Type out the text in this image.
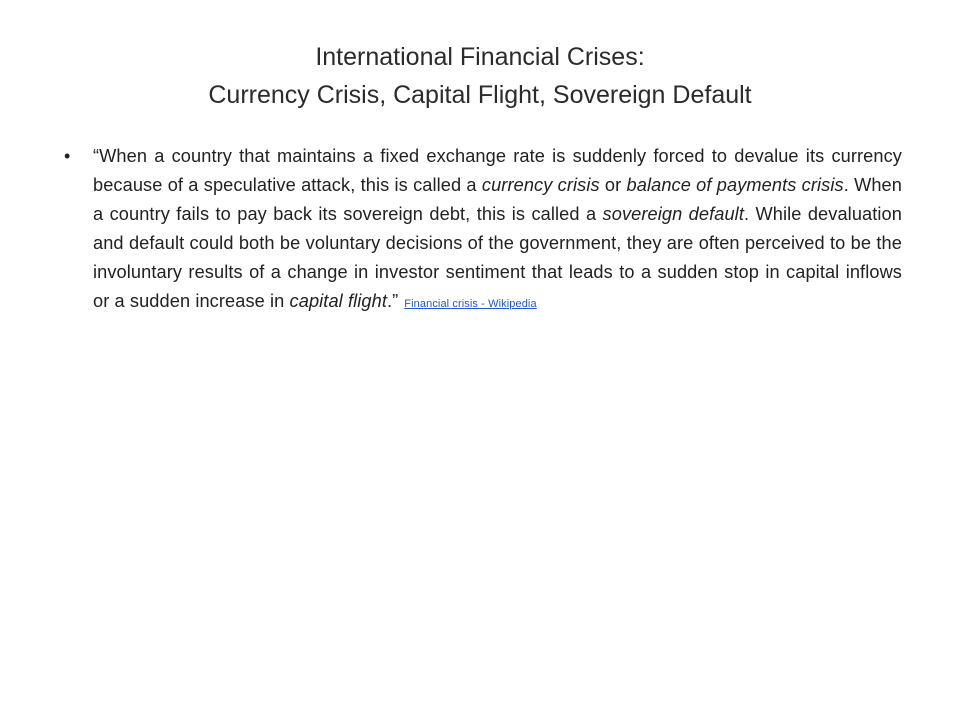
International Financial Crises:
Currency Crisis, Capital Flight, Sovereign Default
• “When a country that maintains a fixed exchange rate is suddenly forced to devalue its currency because of a speculative attack, this is called a currency crisis or balance of payments crisis. When a country fails to pay back its sovereign debt, this is called a sovereign default. While devaluation and default could both be voluntary decisions of the government, they are often perceived to be the involuntary results of a change in investor sentiment that leads to a sudden stop in capital inflows or a sudden increase in capital flight.” Financial crisis - Wikipedia
